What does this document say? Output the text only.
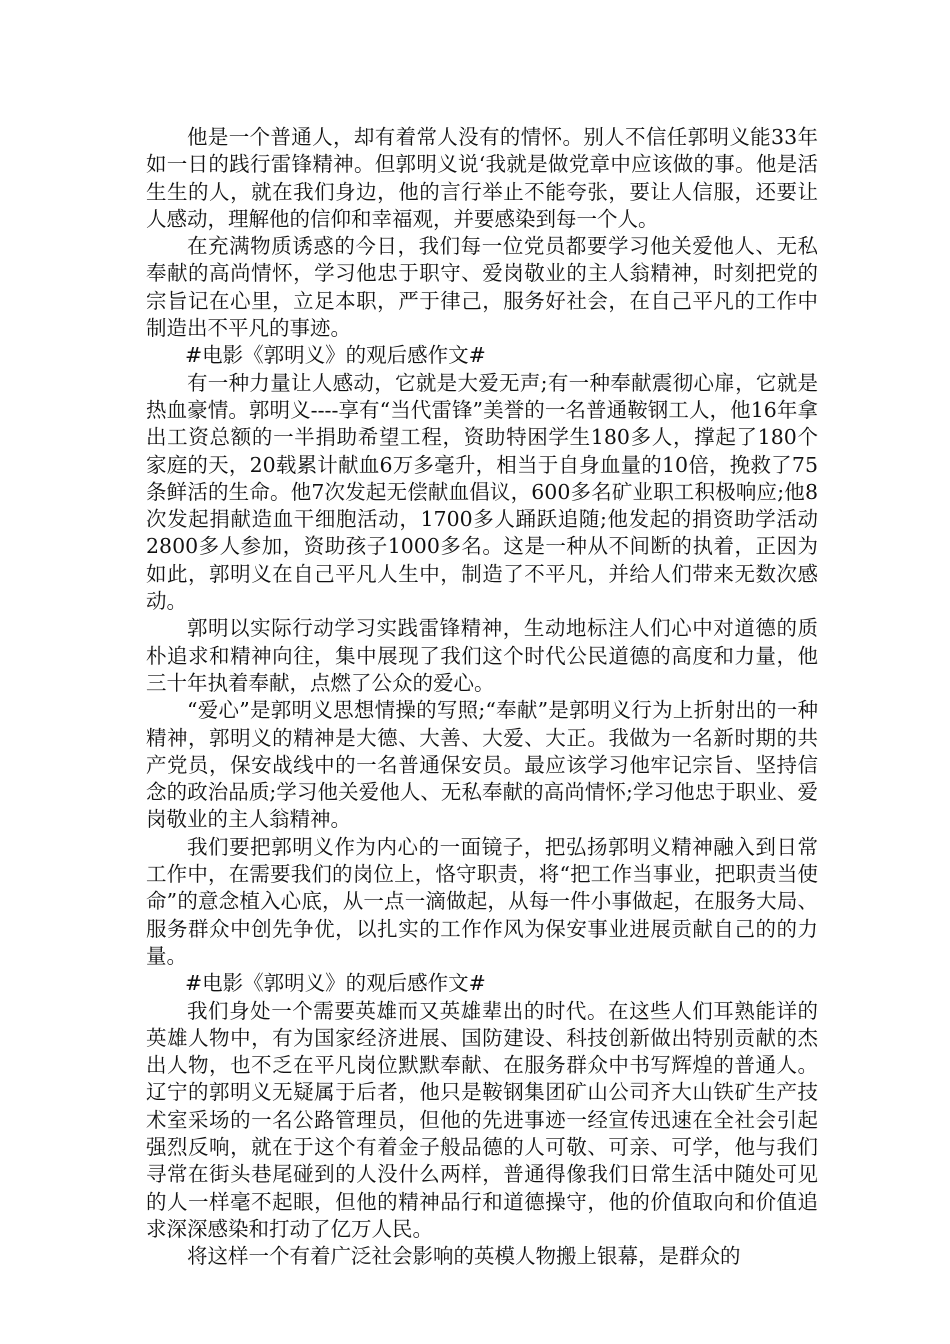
他是一个普通人，却有着常人没有的情怀。别人不信任郭明义能33年如一日的践行雷锋精神。但郭明义说‘我就是做党章中应该做的事。他是活生生的人，就在我们身边，他的言行举止不能夸张，要让人信服，还要让人感动，理解他的信仰和幸福观，并要感染到每一个人。

在充满物质诱惑的今日，我们每一位党员都要学习他关爱他人、无私奉献的高尚情怀，学习他忠于职守、爱岗敬业的主人翁精神，时刻把党的宗旨记在心里，立足本职，严于律己，服务好社会，在自己平凡的工作中制造出不平凡的事迹。

#电影《郭明义》的观后感作文#

有一种力量让人感动，它就是大爱无声;有一种奉献震彻心扉，它就是热血豪情。郭明义----享有“当代雷锋”美誉的一名普通鞍钢工人，他16年拿出工资总额的一半捐助希望工程，资助特困学生180多人，撑起了180个家庭的天，20载累计献血6万多毫升，相当于自身血量的10倍，挽救了75条鲜活的生命。他7次发起无偿献血倡议，600多名矿业职工积极响应;他8次发起捐献造血干细胞活动，1700多人踊跃追随;他发起的捐资助学活动2800多人参加，资助孩子1000多名。这是一种从不间断的执着，正因为如此，郭明义在自己平凡人生中，制造了不平凡，并给人们带来无数次感动。

郭明以实际行动学习实践雷锋精神，生动地标注人们心中对道德的质朴追求和精神向往，集中展现了我们这个时代公民道德的高度和力量，他三十年执着奉献，点燃了公众的爱心。

“爱心”是郭明义思想情操的写照;“奉献”是郭明义行为上折射出的一种精神，郭明义的精神是大德、大善、大爱、大正。我做为一名新时期的共产党员，保安战线中的一名普通保安员。最应该学习他牢记宗旨、坚持信念的政治品质;学习他关爱他人、无私奉献的高尚情怀;学习他忠于职业、爱岗敬业的主人翁精神。

我们要把郭明义作为内心的一面镜子，把弘扬郭明义精神融入到日常工作中，在需要我们的岗位上，恪守职责，将“把工作当事业，把职责当使命”的意念植入心底，从一点一滴做起，从每一件小事做起，在服务大局、服务群众中创先争优，以扎实的工作作风为保安事业进展贡献自己的的力量。

#电影《郭明义》的观后感作文#

我们身处一个需要英雄而又英雄辈出的时代。在这些人们耳熟能详的英雄人物中，有为国家经济进展、国防建设、科技创新做出特别贡献的杰出人物，也不乏在平凡岗位默默奉献、在服务群众中书写辉煌的普通人。辽宁的郭明义无疑属于后者，他只是鞍钢集团矿山公司齐大山铁矿生产技术室采场的一名公路管理员，但他的先进事迹一经宣传迅速在全社会引起强烈反响，就在于这个有着金子般品德的人可敬、可亲、可学，他与我们寻常在街头巷尾碰到的人没什么两样，普通得像我们日常生活中随处可见的人一样毫不起眼，但他的精神品行和道德操守，他的价值取向和价值追求深深感染和打动了亿万人民。

将这样一个有着广泛社会影响的英模人物搬上银幕，是群众的
